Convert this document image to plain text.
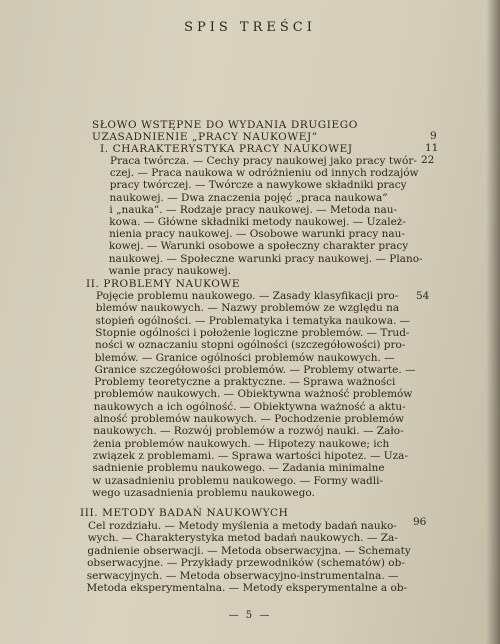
SPIS TREŚCI
SŁOWO WSTĘPNE DO WYDANIA DRUGIEGO
9
UZASADNIENIE „PRACY NAUKOWEJ”
11
I. CHARAKTERYSTYKA PRACY NAUKOWEJ
22
Praca twórcza. — Cechy pracy naukowej jako pracy twór-
czej. — Praca naukowa w odróżnieniu od innych rodzajów
pracy twórczej. — Twórcze a nawykowe składniki pracy
naukowej. — Dwa znaczenia pojęć „praca naukowa”
i „nauka”. — Rodzaje pracy naukowej. — Metoda nau-
kowa. — Główne składniki metody naukowej. — Uzależ-
nienia pracy naukowej. — Osobowe warunki pracy nau-
kowej. — Warunki osobowe a społeczny charakter pracy
naukowej. — Społeczne warunki pracy naukowej. — Plano-
wanie pracy naukowej.
II. PROBLEMY NAUKOWE
54
Pojęcie problemu naukowego. — Zasady klasyfikacji pro-
blemów naukowych. — Nazwy problemów ze względu na
stopień ogólności. — Problematyka i tematyka naukowa. —
Stopnie ogólności i położenie logiczne problemów. — Trud-
ności w oznaczaniu stopni ogólności (szczegółowości) pro-
blemów. — Granice ogólności problemów naukowych. —
Granice szczegółowości problemów. — Problemy otwarte. —
Problemy teoretyczne a praktyczne. — Sprawa ważności
problemów naukowych. — Obiektywna ważność problemów
naukowych a ich ogólność. — Obiektywna ważność a aktu-
alność problemów naukowych. — Pochodzenie problemów
naukowych. — Rozwój problemów a rozwój nauki. — Zało-
żenia problemów naukowych. — Hipotezy naukowe; ich
związek z problemami. — Sprawa wartości hipotez. — Uza-
sadnienie problemu naukowego. — Zadania minimalne
w uzasadnieniu problemu naukowego. — Formy wadli-
wego uzasadnienia problemu naukowego.
III. METODY BADAŃ NAUKOWYCH
96
Cel rozdziału. — Metody myślenia a metody badań nauko-
wych. — Charakterystyka metod badań naukowych. — Za-
gadnienie obserwacji. — Metoda obserwacyjna. — Schematy
obserwacyjne. — Przykłady przewodników (schematów) ob-
serwacyjnych. — Metoda obserwacyjno-instrumentalna. —
Metoda eksperymentalna. — Metody eksperymentalne a ob-
— 5 —
